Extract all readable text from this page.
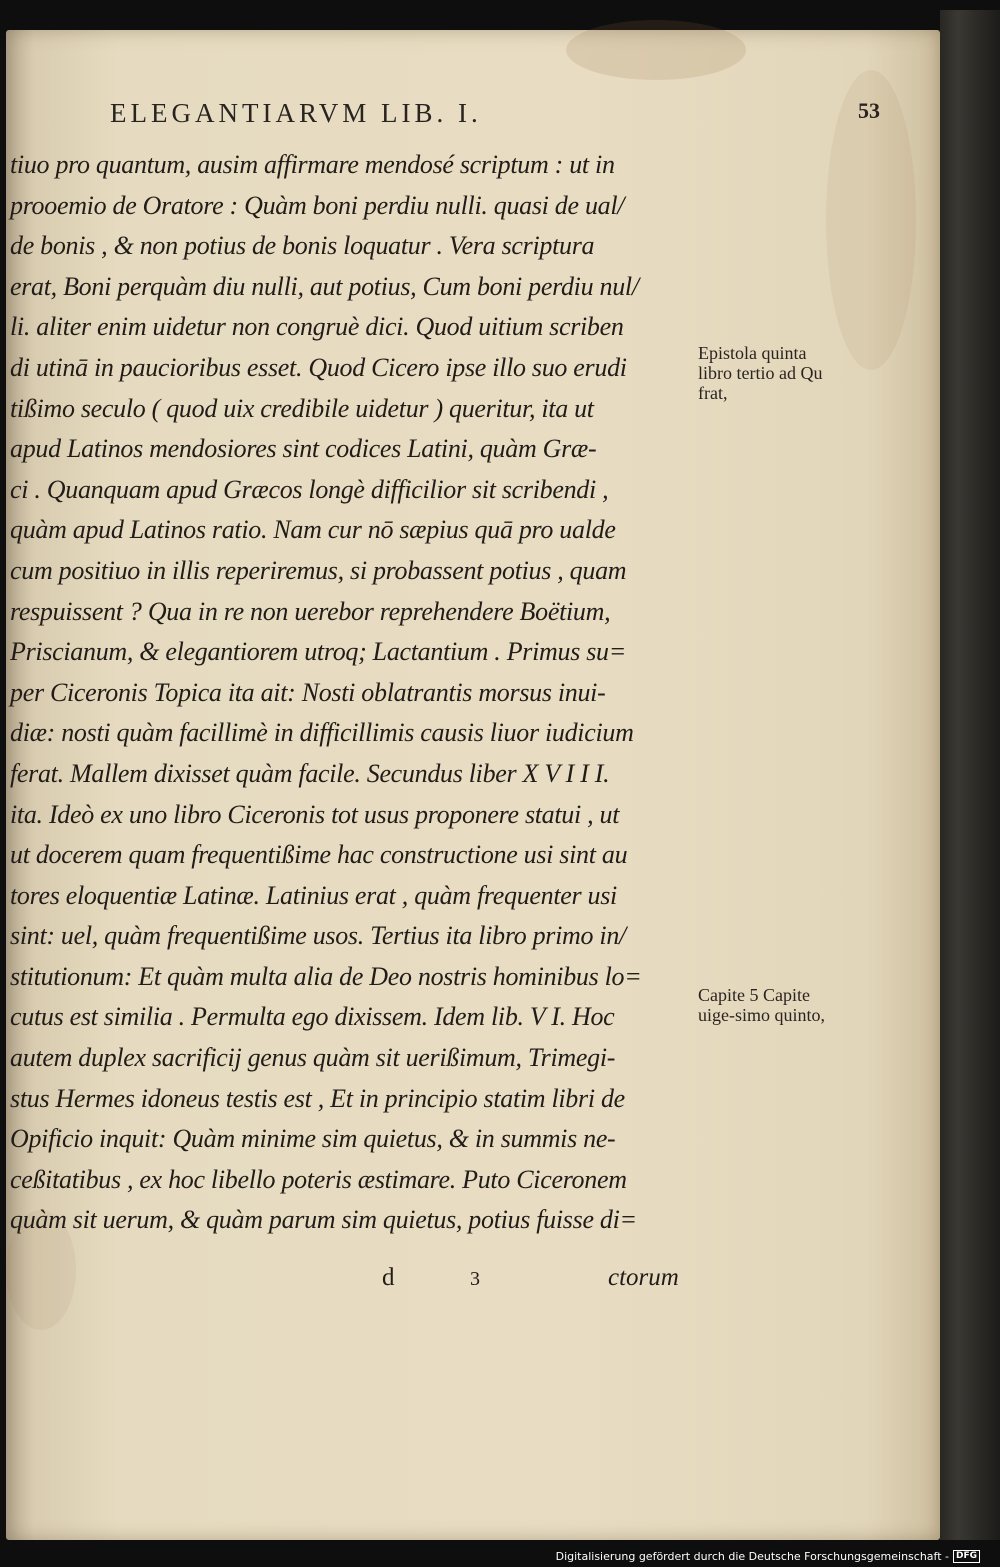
ELEGANTIARVM LIB. I.	53
tiuo pro quantum, ausim affirmare mendosé scriptum : ut in
prooemio de Oratore : Quàm boni perdiu nulli. quasi de ual/
de bonis , & non potius de bonis loquatur . Vera scriptura
erat, Boni perquàm diu nulli, aut potius, Cum boni perdiu nul/
li. aliter enim uidetur non congruè dici. Quod uitium scriben
di utinā in paucioribus esset. Quod Cicero ipse illo suo erudi
tißimo seculo ( quod uix credibile uidetur ) queritur, ita ut
apud Latinos mendosiores sint codices Latini, quàm Græ-
ci . Quanquam apud Græcos longè difficilior sit scribendi ,
quàm apud Latinos ratio. Nam cur nō sæpius quā pro ualde
cum positiuo in illis reperiremus, si probassent potius , quam
respuissent ? Qua in re non uerebor reprehendere Boëtium,
Priscianum, & elegantiorem utroq; Lactantium . Primus su=
per Ciceronis Topica ita ait: Nosti oblatrantis morsus inui-
diæ: nosti quàm facillimè in difficillimis causis liuor iudicium
ferat. Mallem dixisset quàm facile. Secundus liber X V I I I.
ita. Ideò ex uno libro Ciceronis tot usus proponere statui , ut
ut docerem quam frequentißime hac constructione usi sint au
tores eloquentiæ Latinæ. Latinius erat , quàm frequenter usi
sint: uel, quàm frequentißime usos. Tertius ita libro primo in/
stitutionum: Et quàm multa alia de Deo nostris hominibus lo=
cutus est similia . Permulta ego dixissem. Idem lib. V I. Hoc
autem duplex sacrificij genus quàm sit uerißimum, Trimegi-
stus Hermes idoneus testis est , Et in principio statim libri de
Opificio inquit: Quàm minime sim quietus, & in summis ne-
ceßitatibus , ex hoc libello poteris æstimare. Puto Ciceronem
quàm sit uerum, & quàm parum sim quietus, potius fuisse di=
Epistola quinta libro tertio ad Qu frat,
Capite 5 Capite uige-simo quinto,
d	3	ctorum
Digitalisierung gefördert durch die Deutsche Forschungsgemeinschaft - DFG
